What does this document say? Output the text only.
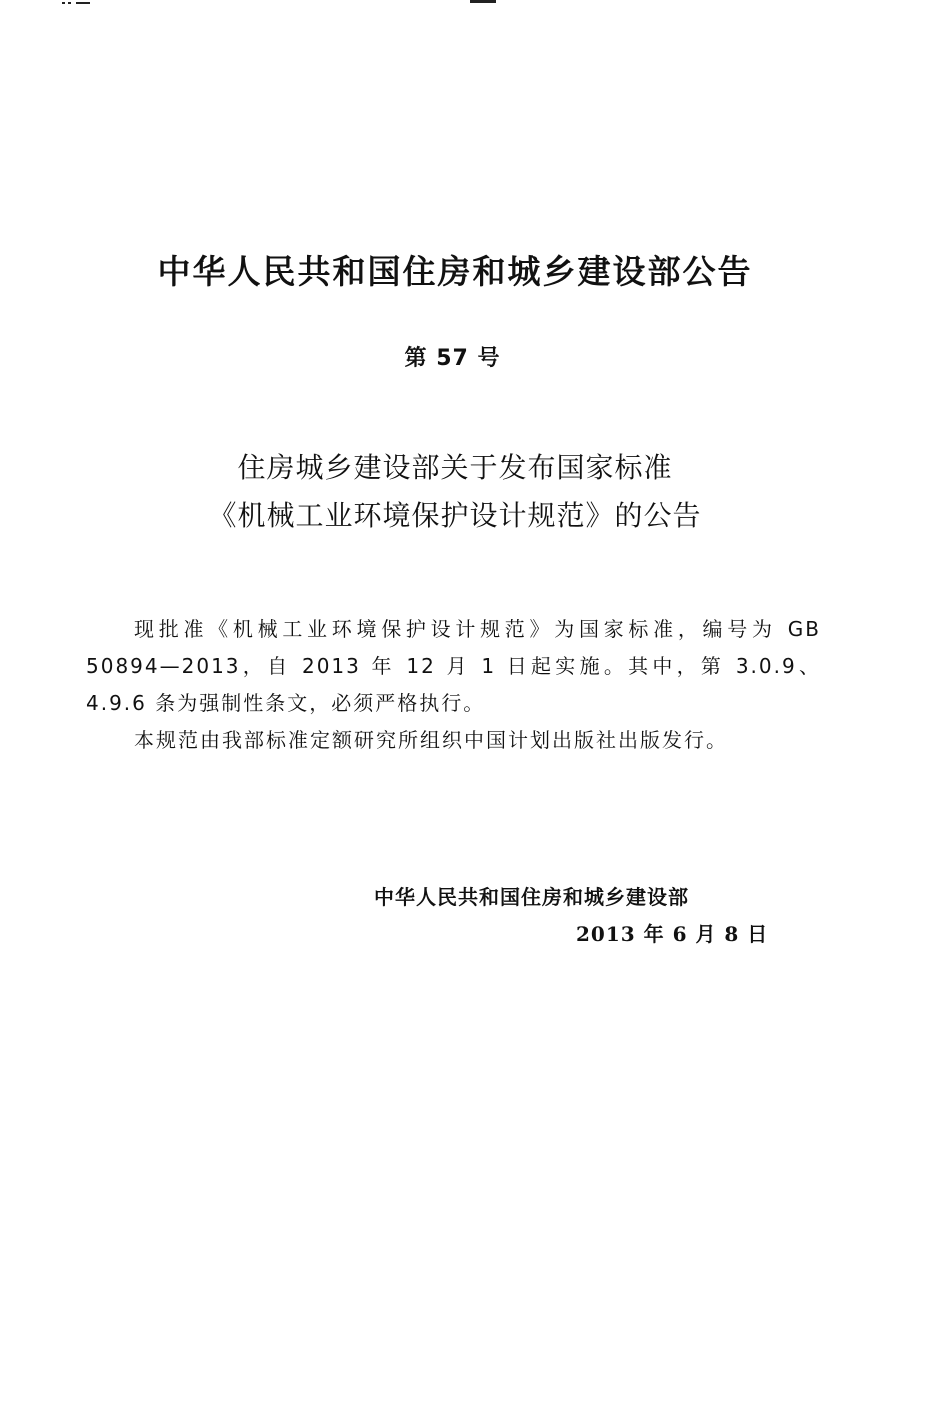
中华人民共和国住房和城乡建设部公告
第 57 号
住房城乡建设部关于发布国家标准
《机械工业环境保护设计规范》的公告

现批准《机械工业环境保护设计规范》为国家标准，编号为 GB 50894—2013，自 2013 年 12 月 1 日起实施。其中，第 3.0.9、4.9.6 条为强制性条文，必须严格执行。

本规范由我部标准定额研究所组织中国计划出版社出版发行。

中华人民共和国住房和城乡建设部
2013 年 6 月 8 日
